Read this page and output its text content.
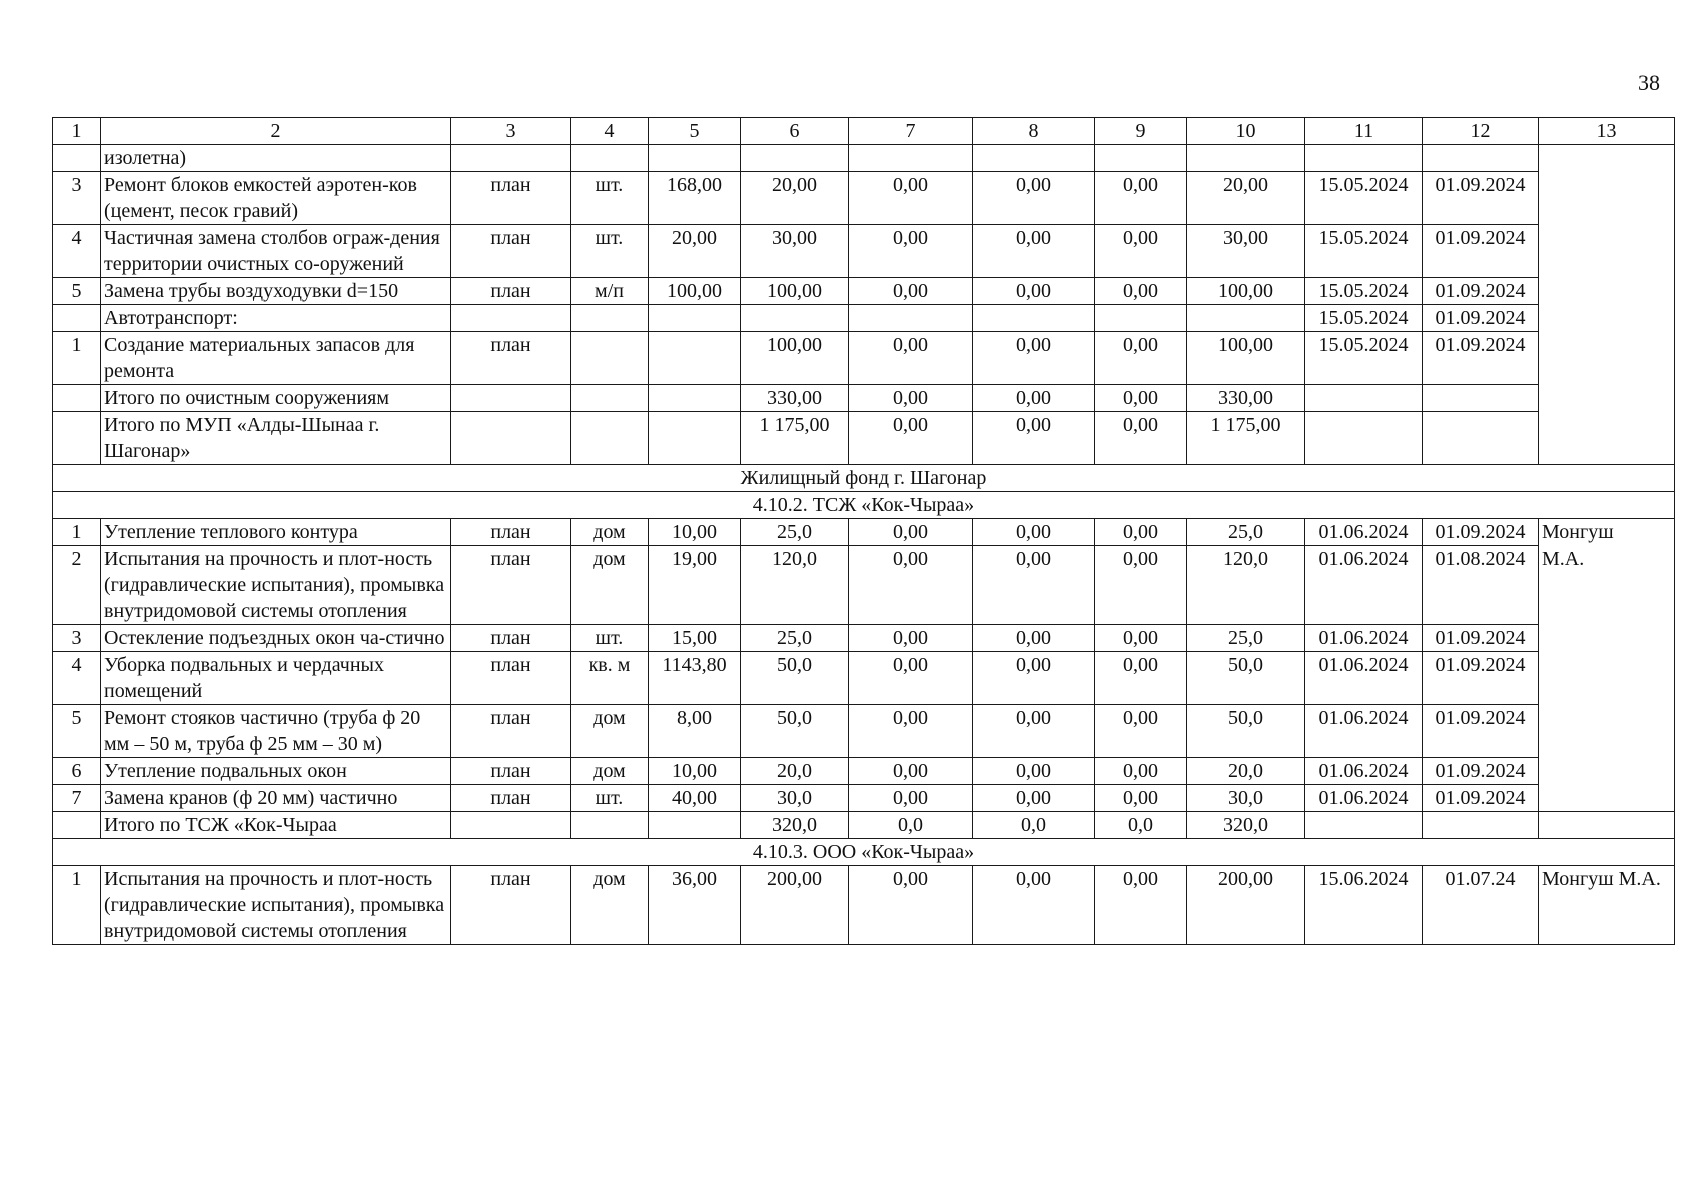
38
1	2	3	4	5	6	7	8	9	10	11	12	13
	изолетна)											
3	Ремонт блоков емкостей аэротен-ков (цемент, песок гравий)	план	шт.	168,00	20,00	0,00	0,00	0,00	20,00	15.05.2024	01.09.2024	
4	Частичная замена столбов ограж-дения территории очистных со-оружений	план	шт.	20,00	30,00	0,00	0,00	0,00	30,00	15.05.2024	01.09.2024	
5	Замена трубы воздуходувки d=150	план	м/п	100,00	100,00	0,00	0,00	0,00	100,00	15.05.2024	01.09.2024	
	Автотранспорт:									15.05.2024	01.09.2024	
1	Создание материальных запасов для ремонта	план			100,00	0,00	0,00	0,00	100,00	15.05.2024	01.09.2024	
	Итого по очистным сооружениям				330,00	0,00	0,00	0,00	330,00			
	Итого по МУП «Алды-Шынаа г. Шагонар»				1 175,00	0,00	0,00	0,00	1 175,00			
Жилищный фонд г. Шагонар												
4.10.2. ТСЖ «Кок-Чыраа»												
1	Утепление теплового контура	план	дом	10,00	25,0	0,00	0,00	0,00	25,0	01.06.2024	01.09.2024	Монгуш
2	Испытания на прочность и плот-ность (гидравлические испытания), промывка внутридомовой системы отопления	план	дом	19,00	120,0	0,00	0,00	0,00	120,0	01.06.2024	01.08.2024	М.А.
3	Остекление подъездных окон ча-стично	план	шт.	15,00	25,0	0,00	0,00	0,00	25,0	01.06.2024	01.09.2024	
4	Уборка подвальных и чердачных помещений	план	кв. м	1143,80	50,0	0,00	0,00	0,00	50,0	01.06.2024	01.09.2024	
5	Ремонт стояков частично (труба ф 20 мм – 50 м, труба ф 25 мм – 30 м)	план	дом	8,00	50,0	0,00	0,00	0,00	50,0	01.06.2024	01.09.2024	
6	Утепление подвальных окон	план	дом	10,00	20,0	0,00	0,00	0,00	20,0	01.06.2024	01.09.2024	
7	Замена кранов (ф 20 мм) частично	план	шт.	40,00	30,0	0,00	0,00	0,00	30,0	01.06.2024	01.09.2024	
	Итого по ТСЖ «Кок-Чыраа				320,0	0,0	0,0	0,0	320,0			
4.10.3. ООО «Кок-Чыраа»												
1	Испытания на прочность и плот-ность (гидравлические испытания), промывка внутридомовой системы отопления	план	дом	36,00	200,00	0,00	0,00	0,00	200,00	15.06.2024	01.07.24	Монгуш М.А.
